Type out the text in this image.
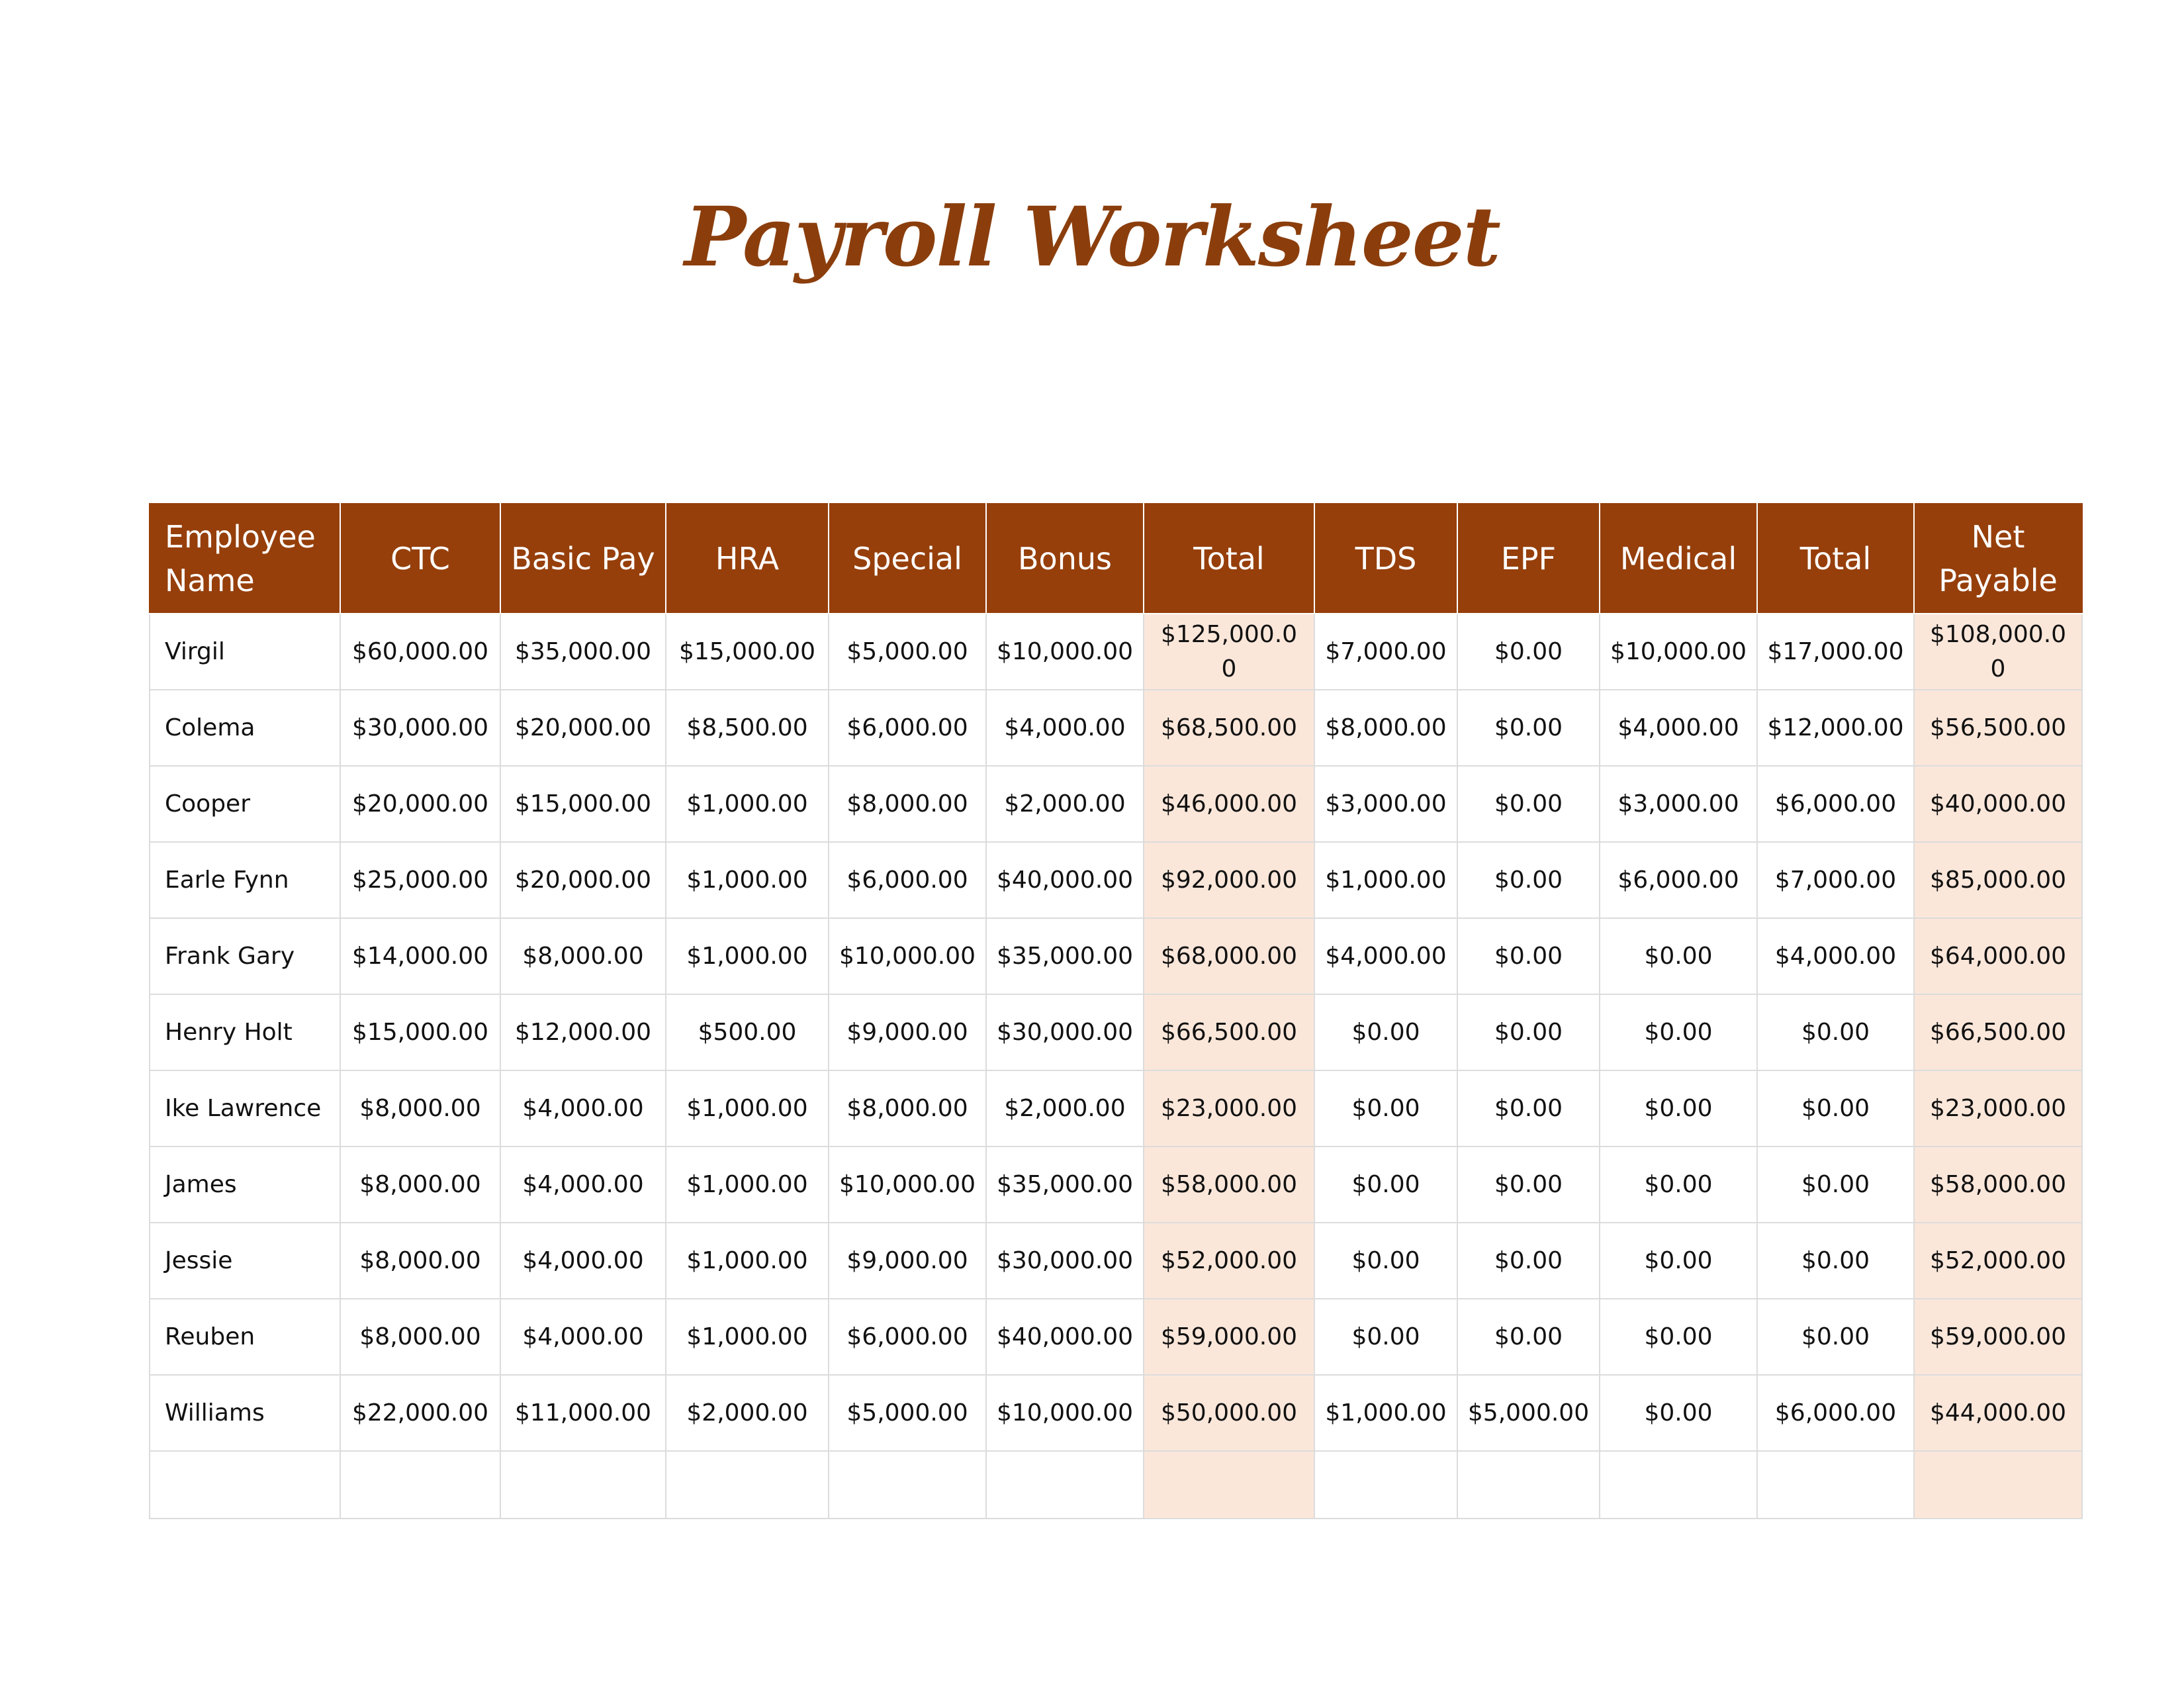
Payroll Worksheet
Employee Name	CTC	Basic Pay	HRA	Special	Bonus	Total	TDS	EPF	Medical	Total	Net Payable
Virgil	$60,000.00	$35,000.00	$15,000.00	$5,000.00	$10,000.00	$125,000.00	$7,000.00	$0.00	$10,000.00	$17,000.00	$108,000.00
Colema	$30,000.00	$20,000.00	$8,500.00	$6,000.00	$4,000.00	$68,500.00	$8,000.00	$0.00	$4,000.00	$12,000.00	$56,500.00
Cooper	$20,000.00	$15,000.00	$1,000.00	$8,000.00	$2,000.00	$46,000.00	$3,000.00	$0.00	$3,000.00	$6,000.00	$40,000.00
Earle Fynn	$25,000.00	$20,000.00	$1,000.00	$6,000.00	$40,000.00	$92,000.00	$1,000.00	$0.00	$6,000.00	$7,000.00	$85,000.00
Frank Gary	$14,000.00	$8,000.00	$1,000.00	$10,000.00	$35,000.00	$68,000.00	$4,000.00	$0.00	$0.00	$4,000.00	$64,000.00
Henry Holt	$15,000.00	$12,000.00	$500.00	$9,000.00	$30,000.00	$66,500.00	$0.00	$0.00	$0.00	$0.00	$66,500.00
Ike Lawrence	$8,000.00	$4,000.00	$1,000.00	$8,000.00	$2,000.00	$23,000.00	$0.00	$0.00	$0.00	$0.00	$23,000.00
James	$8,000.00	$4,000.00	$1,000.00	$10,000.00	$35,000.00	$58,000.00	$0.00	$0.00	$0.00	$0.00	$58,000.00
Jessie	$8,000.00	$4,000.00	$1,000.00	$9,000.00	$30,000.00	$52,000.00	$0.00	$0.00	$0.00	$0.00	$52,000.00
Reuben	$8,000.00	$4,000.00	$1,000.00	$6,000.00	$40,000.00	$59,000.00	$0.00	$0.00	$0.00	$0.00	$59,000.00
Williams	$22,000.00	$11,000.00	$2,000.00	$5,000.00	$10,000.00	$50,000.00	$1,000.00	$5,000.00	$0.00	$6,000.00	$44,000.00
